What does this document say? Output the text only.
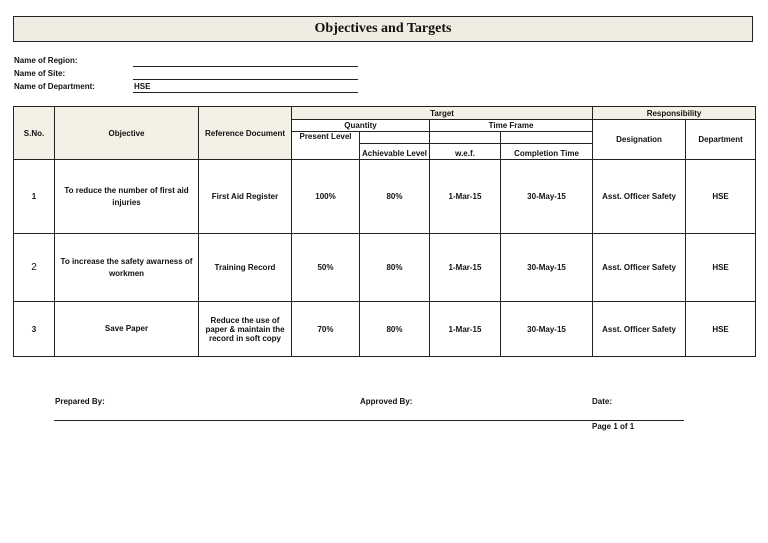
Objectives and Targets
Name of Region:
Name of Site:
Name of Department:	HSE
S.No.	Objective	Reference Document	Target				Responsibility	
			Quantity		Time Frame		Designation	Department
			Present Level					
				Achievable Level	w.e.f.	Completion Time		
1	To reduce the number of first aid injuries	First Aid Register	100%	80%	1-Mar-15	30-May-15	Asst. Officer Safety	HSE
2	To increase the safety awarness of workmen	Training Record	50%	80%	1-Mar-15	30-May-15	Asst. Officer Safety	HSE
3	Save Paper	Reduce the use of paper & maintain the record in soft copy	70%	80%	1-Mar-15	30-May-15	Asst. Officer Safety	HSE
Prepared By:	Approved By:	Date:
Page 1 of 1
